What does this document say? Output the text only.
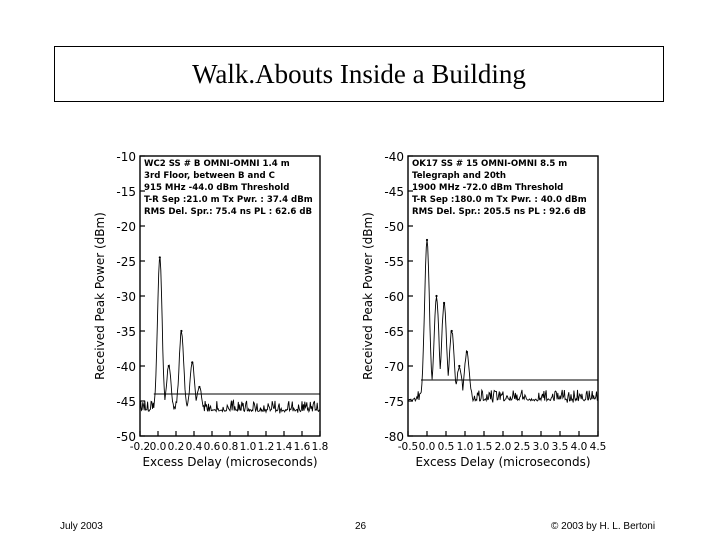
Walk.Abouts Inside a Building
-10
-15
-20
-25
-30
-35
-40
-45
-50
-0.2 0.0 0.2 0.4 0.6 0.8 1.0 1.2 1.4 1.6 1.8
Excess Delay (microseconds)
Received Peak Power (dBm)
WC2 SS # B OMNI-OMNI 1.4 m
3rd Floor, between B and C
915 MHz -44.0 dBm Threshold
T-R Sep :21.0 m Tx Pwr. : 37.4 dBm
RMS Del. Spr.: 75.4 ns PL : 62.6 dB
-40
-45
-50
-55
-60
-65
-70
-75
-80
-0.5 0.0 0.5 1.0 1.5 2.0 2.5 3.0 3.5 4.0 4.5
Excess Delay (microseconds)
Received Peak Power (dBm)
OK17 SS # 15 OMNI-OMNI 8.5 m
Telegraph and 20th
1900 MHz -72.0 dBm Threshold
T-R Sep :180.0 m Tx Pwr. : 40.0 dBm
RMS Del. Spr.: 205.5 ns PL : 92.6 dB
July 2003	26	© 2003 by H. L. Bertoni
